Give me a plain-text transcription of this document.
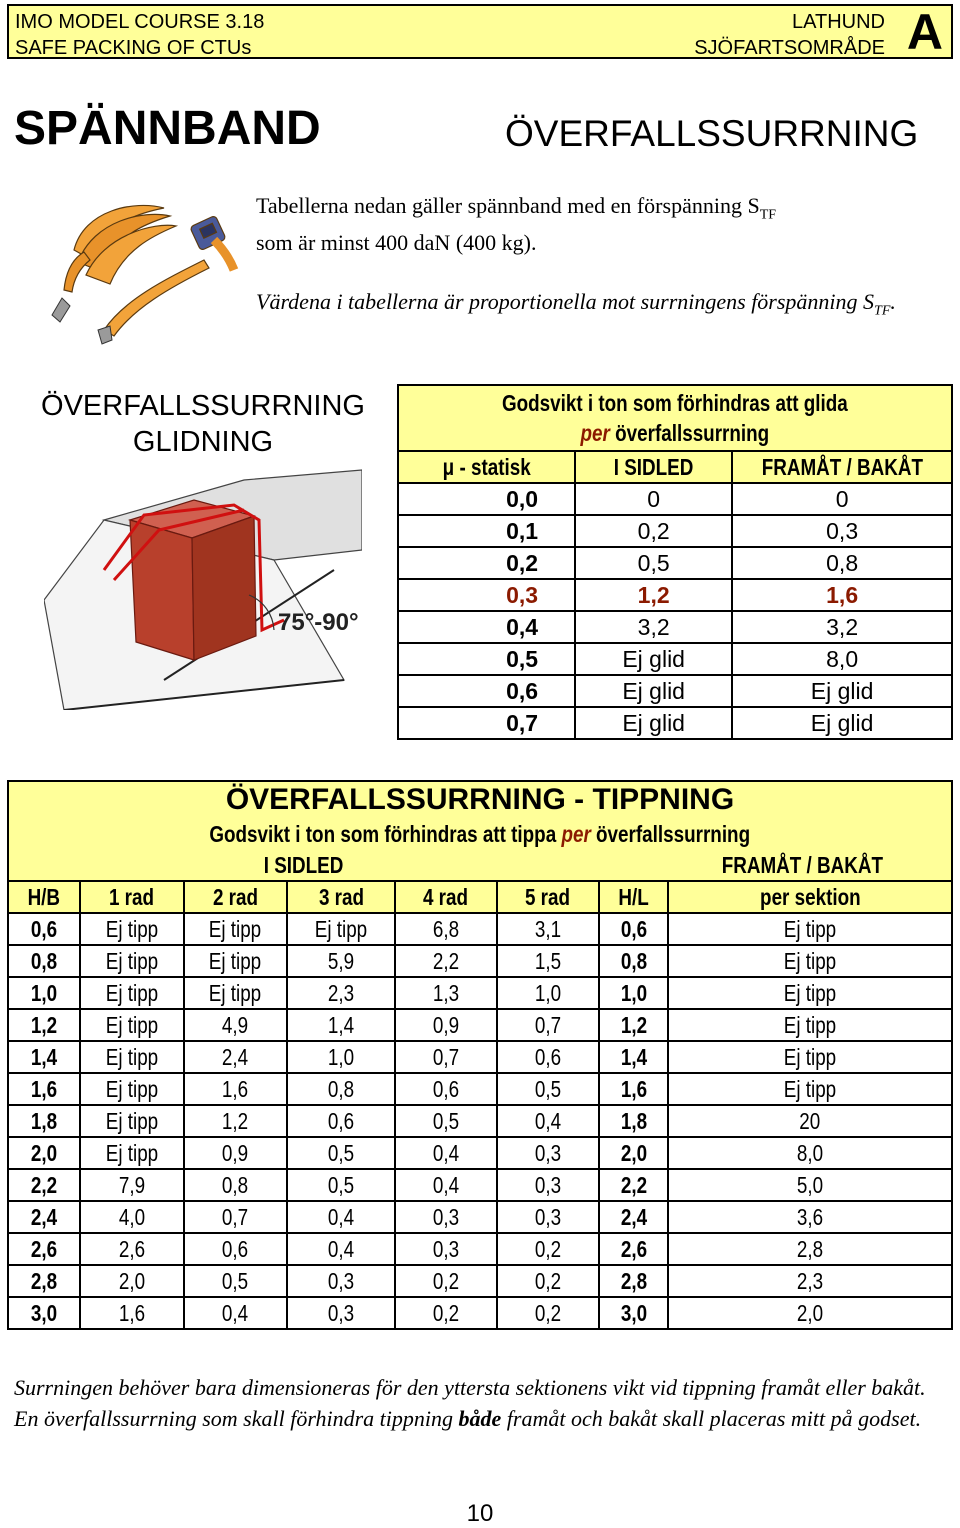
IMO MODEL COURSE 3.18
SAFE PACKING OF CTUs
LATHUND
SJÖFARTSOMRÅDE A
SPÄNNBAND	ÖVERFALLSSURRNING
Tabellerna nedan gäller spännband med en förspänning $S_{TF}$
som är minst 400 daN (400 kg).
Värdena i tabellerna är proportionella mot surrningens förspänning $S_{TF}$.
ÖVERFALLSSURRNING
GLIDNING
75°-90°
Godsvikt i ton som förhindras att glida
per överfallssurrning		
μ - statisk	I SIDLED	FRAMÅT / BAKÅT
0,0	0	0
0,1	0,2	0,3
0,2	0,5	0,8
0,3	1,2	1,6
0,4	3,2	3,2
0,5	Ej glid	8,0
0,6	Ej glid	Ej glid
0,7	Ej glid	Ej glid
ÖVERFALLSSURRNING - TIPPNING							
Godsvikt i ton som förhindras att tippa per överfallssurrning							
I SIDLED						FRAMÅT / BAKÅT	
H/B	1 rad	2 rad	3 rad	4 rad	5 rad	H/L	per sektion
0,6	Ej tipp	Ej tipp	Ej tipp	6,8	3,1	0,6	Ej tipp
0,8	Ej tipp	Ej tipp	5,9	2,2	1,5	0,8	Ej tipp
1,0	Ej tipp	Ej tipp	2,3	1,3	1,0	1,0	Ej tipp
1,2	Ej tipp	4,9	1,4	0,9	0,7	1,2	Ej tipp
1,4	Ej tipp	2,4	1,0	0,7	0,6	1,4	Ej tipp
1,6	Ej tipp	1,6	0,8	0,6	0,5	1,6	Ej tipp
1,8	Ej tipp	1,2	0,6	0,5	0,4	1,8	20
2,0	Ej tipp	0,9	0,5	0,4	0,3	2,0	8,0
2,2	7,9	0,8	0,5	0,4	0,3	2,2	5,0
2,4	4,0	0,7	0,4	0,3	0,3	2,4	3,6
2,6	2,6	0,6	0,4	0,3	0,2	2,6	2,8
2,8	2,0	0,5	0,3	0,2	0,2	2,8	2,3
3,0	1,6	0,4	0,3	0,2	0,2	3,0	2,0
Surrningen behöver bara dimensioneras för den yttersta sektionens vikt vid tippning framåt eller bakåt. En överfallssurrning som skall förhindra tippning både framåt och bakåt skall placeras mitt på godset.
10
